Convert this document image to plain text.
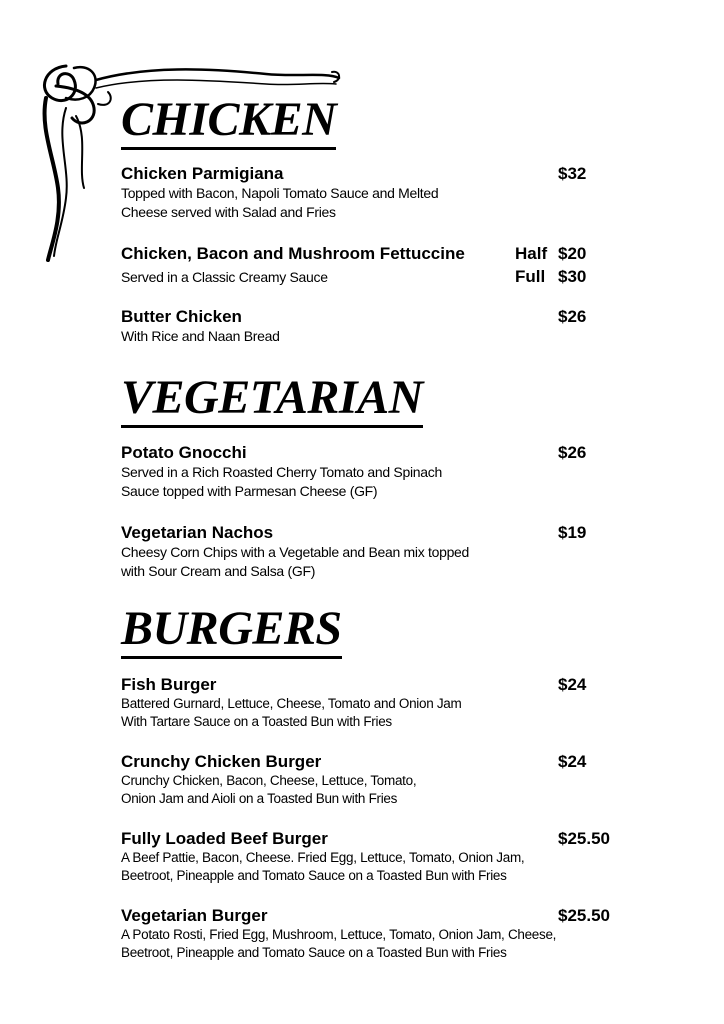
CHICKEN
Chicken Parmigiana	$32
Topped with Bacon, Napoli Tomato Sauce and Melted
Cheese served with Salad and Fries
Chicken, Bacon and Mushroom Fettuccine	Half $20
Full $30
Served in a Classic Creamy Sauce
Butter Chicken	$26
With Rice and Naan Bread
VEGETARIAN
Potato Gnocchi	$26
Served in a Rich Roasted Cherry Tomato and Spinach
Sauce topped with Parmesan Cheese (GF)
Vegetarian Nachos	$19
Cheesy Corn Chips with a Vegetable and Bean mix topped
with Sour Cream and Salsa (GF)
BURGERS
Fish Burger	$24
Battered Gurnard, Lettuce, Cheese, Tomato and Onion Jam
With Tartare Sauce on a Toasted Bun with Fries
Crunchy Chicken Burger	$24
Crunchy Chicken, Bacon, Cheese, Lettuce, Tomato,
Onion Jam and Aioli on a Toasted Bun with Fries
Fully Loaded Beef Burger	$25.50
A Beef Pattie, Bacon, Cheese. Fried Egg, Lettuce, Tomato, Onion Jam,
Beetroot, Pineapple and Tomato Sauce on a Toasted Bun with Fries
Vegetarian Burger	$25.50
A Potato Rosti, Fried Egg, Mushroom, Lettuce, Tomato, Onion Jam, Cheese,
Beetroot, Pineapple and Tomato Sauce on a Toasted Bun with Fries
